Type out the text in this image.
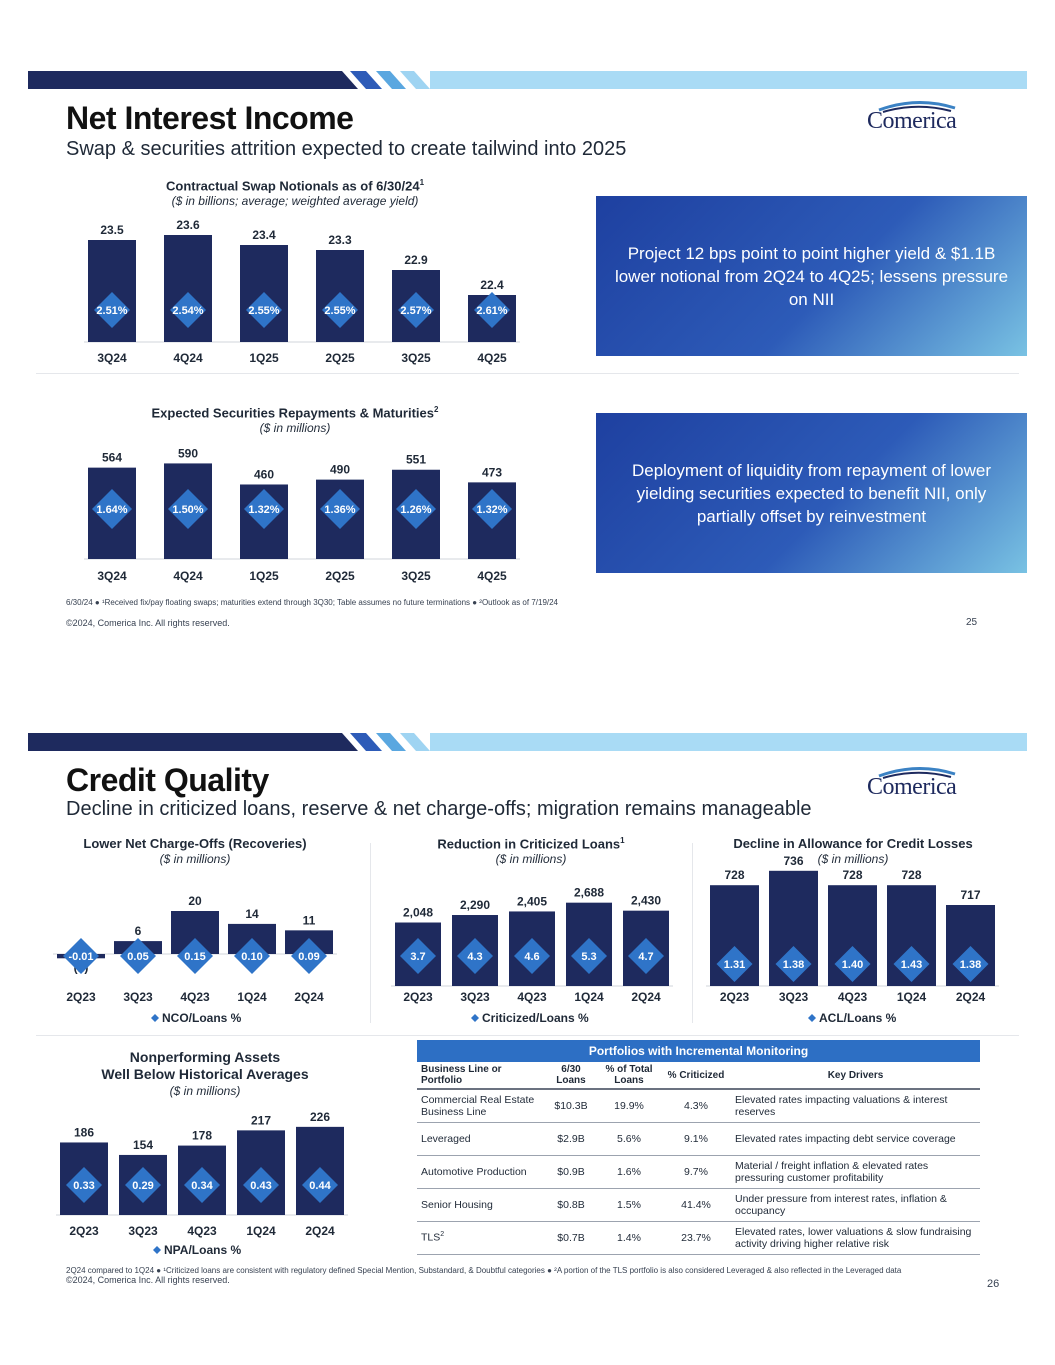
Net Interest Income
Swap & securities attrition expected to create tailwind into 2025
Comerica
Contractual Swap Notionals as of $6/30/24^1$
($ in billions; average; weighted average yield)
23.5
2.51%
3Q24
23.6
2.54%
4Q24
23.4
2.55%
1Q25
23.3
2.55%
2Q25
22.9
2.57%
3Q25
22.4
2.61%
4Q25
Project 12 bps point to point higher yield & $1.1B lower notional from 2Q24 to 4Q25; lessens pressure on NII
Expected Securities Repayments & Maturities$^2$
($ in millions)
564
1.64%
3Q24
590
1.50%
4Q24
460
1.32%
1Q25
490
1.36%
2Q25
551
1.26%
3Q25
473
1.32%
4Q25
Deployment of liquidity from repayment of lower yielding securities expected to benefit NII, only partially offset by reinvestment
6/30/24 ● ¹Received fix/pay floating swaps; maturities extend through 3Q30; Table assumes no future terminations ● ²Outlook as of 7/19/24
©2024, Comerica Inc. All rights reserved.	25
Credit Quality
Decline in criticized loans, reserve & net charge-offs; migration remains manageable
Comerica
Lower Net Charge-Offs (Recoveries)
($ in millions)
-0.01
2Q23
6
0.05
3Q23
20
0.15
4Q23
14
0.10
1Q24
11
0.09
2Q24
NCO/Loans %
Reduction in Criticized Loans$^1$
($ in millions)
2,048
3.7
2Q23
2,290
4.3
3Q23
2,405
4.6
4Q23
2,688
5.3
1Q24
2,430
4.7
2Q24
Criticized/Loans %
Decline in Allowance for Credit Losses
($ in millions)
728
1.31
2Q23
736
1.38
3Q23
728
1.40
4Q23
728
1.43
1Q24
717
1.38
2Q24
ACL/Loans %
Nonperforming Assets
Well Below Historical Averages
($ in millions)
186
0.33
2Q23
154
0.29
3Q23
178
0.34
4Q23
217
0.43
1Q24
226
0.44
2Q24
NPA/Loans %
Portfolios with Incremental Monitoring				
Business Line or Portfolio	6/30 Loans	% of Total Loans	% Criticized	Key Drivers
Commercial Real Estate Business Line	$10.3B	19.9%	4.3%	Elevated rates impacting valuations & interest reserves
Leveraged	$2.9B	5.6%	9.1%	Elevated rates impacting debt service coverage
Automotive Production	$0.9B	1.6%	9.7%	Material / freight inflation & elevated rates pressuring customer profitability
Senior Housing	$0.8B	1.5%	41.4%	Under pressure from interest rates, inflation & occupancy
TLS$^2$	$0.7B	1.4%	23.7%	Elevated rates, lower valuations & slow fundraising activity driving higher relative risk
2Q24 compared to 1Q24 ● ¹Criticized loans are consistent with regulatory defined Special Mention, Substandard, & Doubtful categories ● ²A portion of the TLS portfolio is also considered Leveraged & also reflected in the Leveraged data
©2024, Comerica Inc. All rights reserved.	26
